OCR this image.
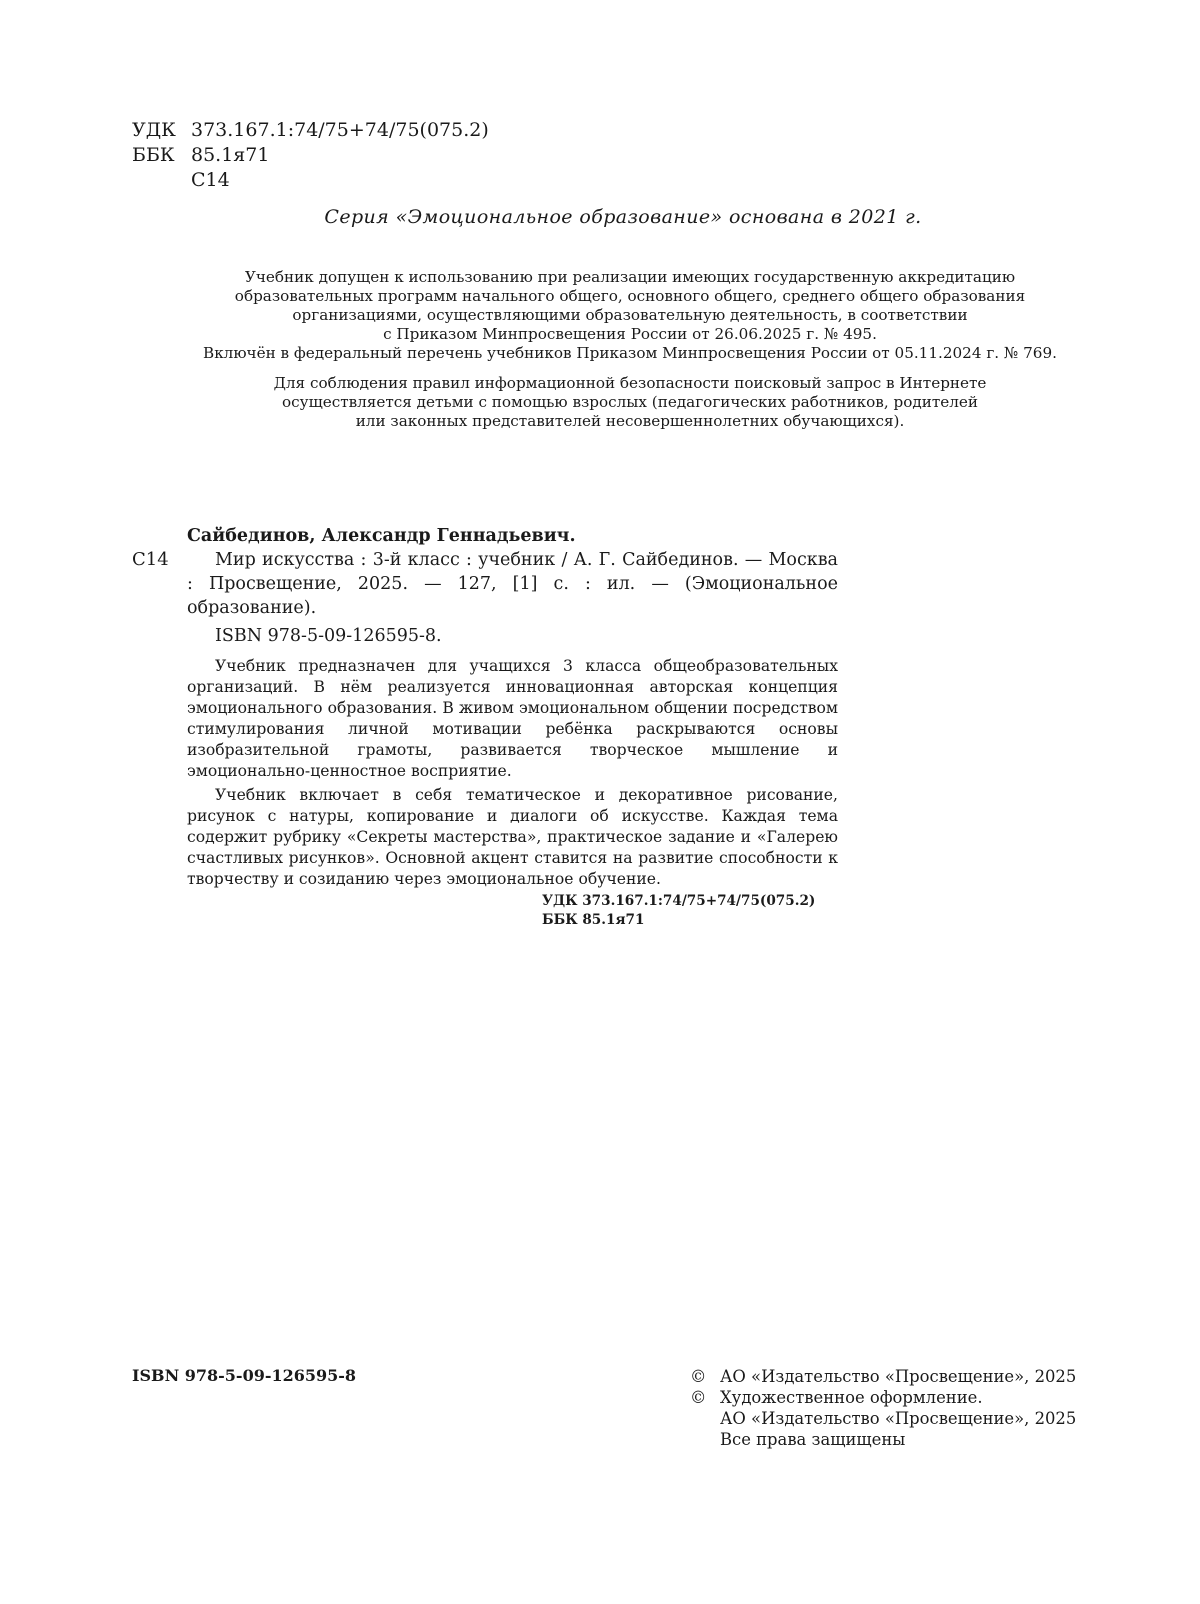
УДК 373.167.1:74/75+74/75(075.2)
ББК 85.1я71
С14
Серия «Эмоциональное образование» основана в 2021 г.
Учебник допущен к использованию при реализации имеющих государственную аккредитацию
образовательных программ начального общего, основного общего, среднего общего образования
организациями, осуществляющими образовательную деятельность, в соответствии
с Приказом Минпросвещения России от 26.06.2025 г. № 495.
Включён в федеральный перечень учебников Приказом Минпросвещения России от 05.11.2024 г. № 769.
Для соблюдения правил информационной безопасности поисковый запрос в Интернете
осуществляется детьми с помощью взрослых (педагогических работников, родителей
или законных представителей несовершеннолетних обучающихся).
Сайбединов, Александр Геннадьевич.
С14	Мир искусства : 3-й класс : учебник / А. Г. Сайбединов. — Москва : Просвещение, 2025. — 127, [1] с. : ил. — (Эмоциональное образование).
ISBN 978-5-09-126595-8.

Учебник предназначен для учащихся 3 класса общеобразовательных организаций. В нём реализуется инновационная авторская концепция эмоционального образования. В живом эмоциональном общении посредством стимулирования личной мотивации ребёнка раскрываются основы изобразительной грамоты, развивается творческое мышление и эмоционально-ценностное восприятие.

Учебник включает в себя тематическое и декоративное рисование, рисунок с натуры, копирование и диалоги об искусстве. Каждая тема содержит рубрику «Секреты мастерства», практическое задание и «Галерею счастливых рисунков». Основной акцент ставится на развитие способности к творчеству и созиданию через эмоциональное обучение.

УДК 373.167.1:74/75+74/75(075.2)
ББК 85.1я71
ISBN 978-5-09-126595-8	© АО «Издательство «Просвещение», 2025
© Художественное оформление.
АО «Издательство «Просвещение», 2025
Все права защищены
